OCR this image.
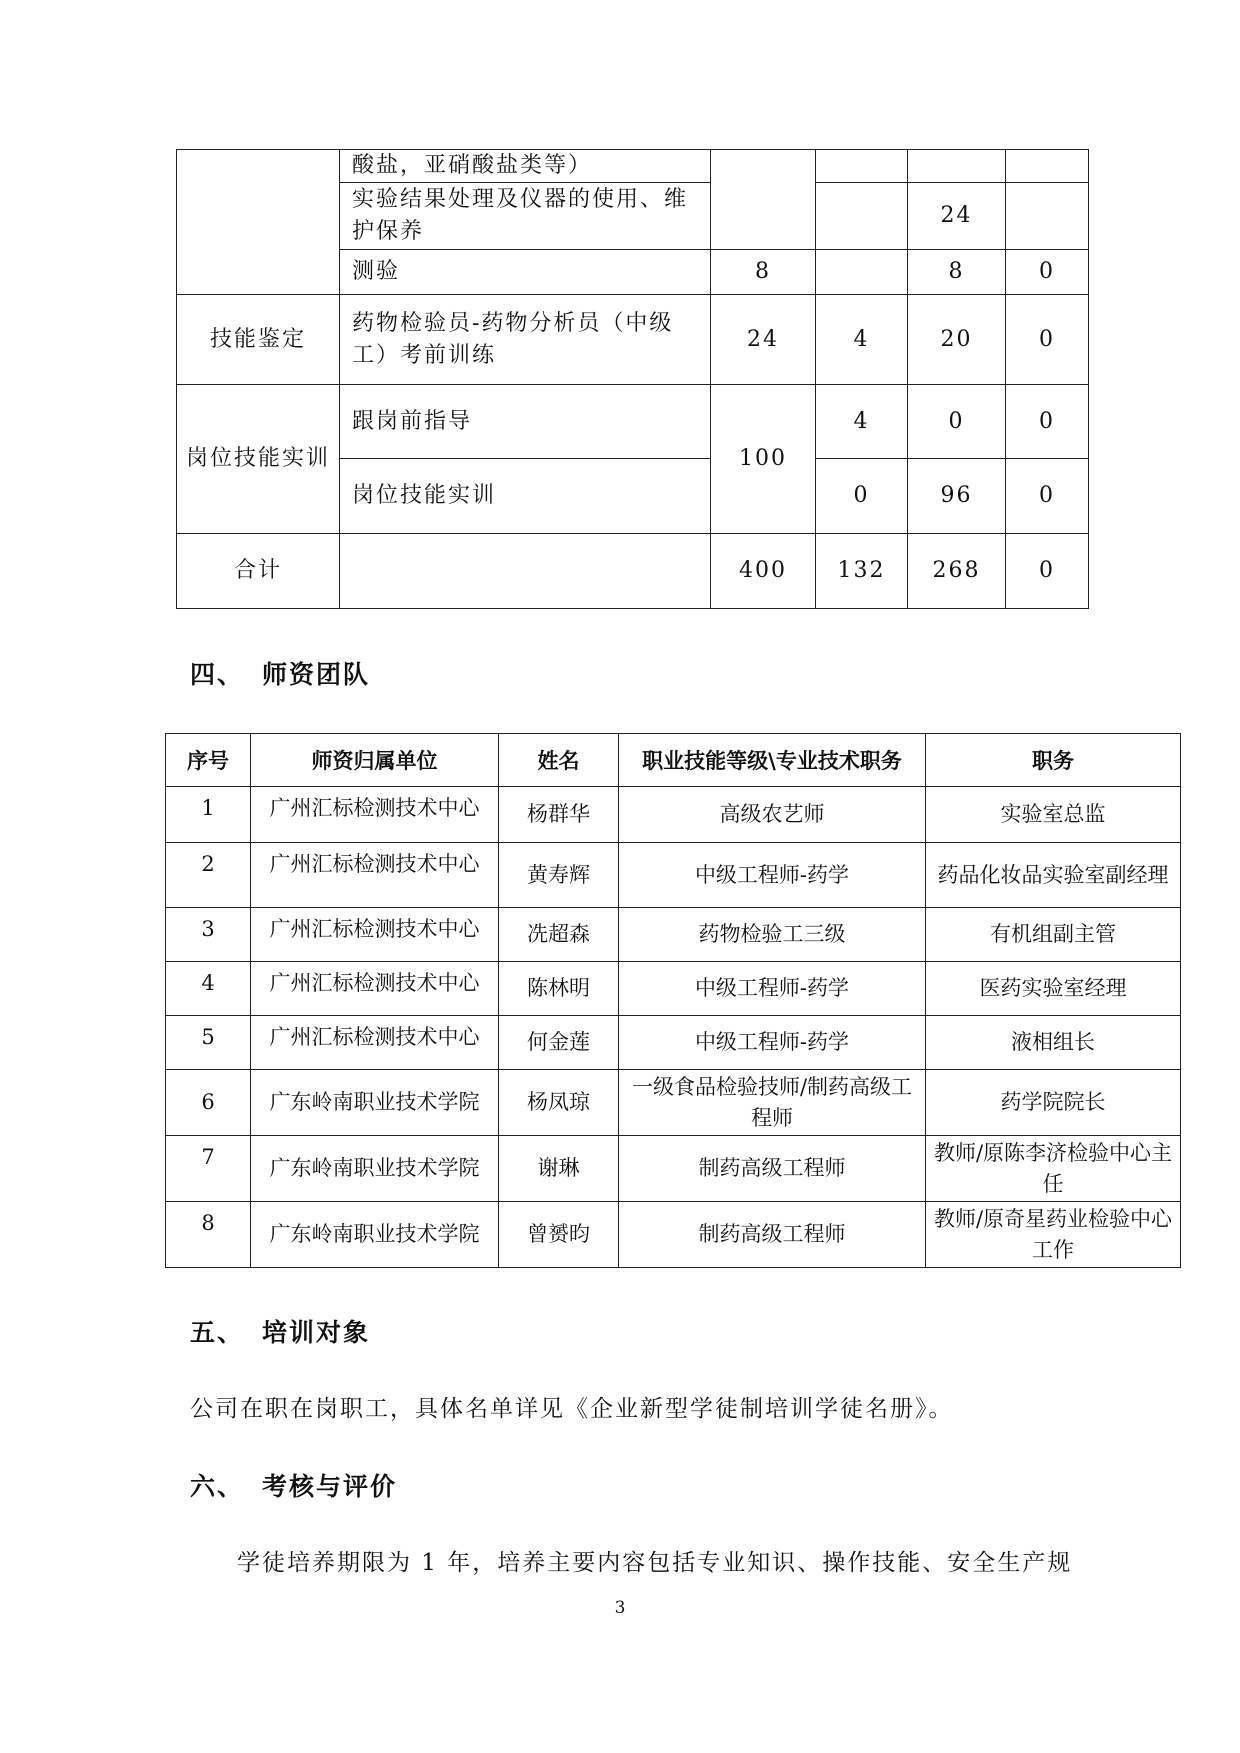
	酸盐，亚硝酸盐类等）				
	实验结果处理及仪器的使用、维护保养			24	
	测验	8		8	0
技能鉴定	药物检验员-药物分析员（中级工）考前训练	24	4	20	0
岗位技能实训	跟岗前指导	100	4	0	0
	岗位技能实训		0	96	0
合计		400	132	268	0
四、 师资团队
序号	师资归属单位	姓名	职业技能等级\专业技术职务	职务
1	广州汇标检测技术中心	杨群华	高级农艺师	实验室总监
2	广州汇标检测技术中心	黄寿辉	中级工程师-药学	药品化妆品实验室副经理
3	广州汇标检测技术中心	冼超森	药物检验工三级	有机组副主管
4	广州汇标检测技术中心	陈林明	中级工程师-药学	医药实验室经理
5	广州汇标检测技术中心	何金莲	中级工程师-药学	液相组长
6	广东岭南职业技术学院	杨凤琼	一级食品检验技师/制药高级工程师	药学院院长
7	广东岭南职业技术学院	谢琳	制药高级工程师	教师/原陈李济检验中心主任
8	广东岭南职业技术学院	曾赟昀	制药高级工程师	教师/原奇星药业检验中心工作
五、 培训对象
公司在职在岗职工，具体名单详见《企业新型学徒制培训学徒名册》。
六、 考核与评价
学徒培养期限为 1 年，培养主要内容包括专业知识、操作技能、安全生产规
3
